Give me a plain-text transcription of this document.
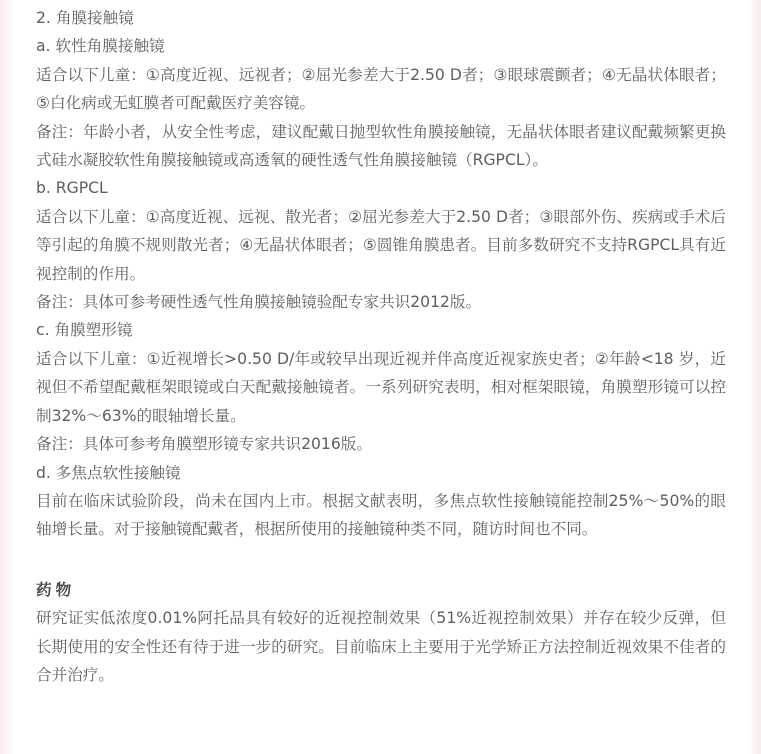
2. 角膜接触镜

a. 软性角膜接触镜

适合以下儿童：①高度近视、远视者；②屈光参差大于2.50 D者；③眼球震颤者；④无晶状体眼者；⑤白化病或无虹膜者可配戴医疗美容镜。

备注：年龄小者，从安全性考虑，建议配戴日抛型软性角膜接触镜，无晶状体眼者建议配戴频繁更换式硅水凝胶软性角膜接触镜或高透氧的硬性透气性角膜接触镜（RGPCL）。

b. RGPCL

适合以下儿童：①高度近视、远视、散光者；②屈光参差大于2.50 D者；③眼部外伤、疾病或手术后等引起的角膜不规则散光者；④无晶状体眼者；⑤圆锥角膜患者。目前多数研究不支持RGPCL具有近视控制的作用。

备注：具体可参考硬性透气性角膜接触镜验配专家共识2012版。

c. 角膜塑形镜

适合以下儿童：①近视增长>0.50 D/年或较早出现近视并伴高度近视家族史者；②年龄<18 岁，近视但不希望配戴框架眼镜或白天配戴接触镜者。一系列研究表明，相对框架眼镜，角膜塑形镜可以控制32%～63%的眼轴增长量。

备注：具体可参考角膜塑形镜专家共识2016版。

d. 多焦点软性接触镜

目前在临床试验阶段，尚未在国内上市。根据文献表明，多焦点软性接触镜能控制25%～50%的眼轴增长量。对于接触镜配戴者，根据所使用的接触镜种类不同，随访时间也不同。

药物

研究证实低浓度0.01%阿托品具有较好的近视控制效果（51%近视控制效果）并存在较少反弹，但长期使用的安全性还有待于进一步的研究。目前临床上主要用于光学矫正方法控制近视效果不佳者的合并治疗。
